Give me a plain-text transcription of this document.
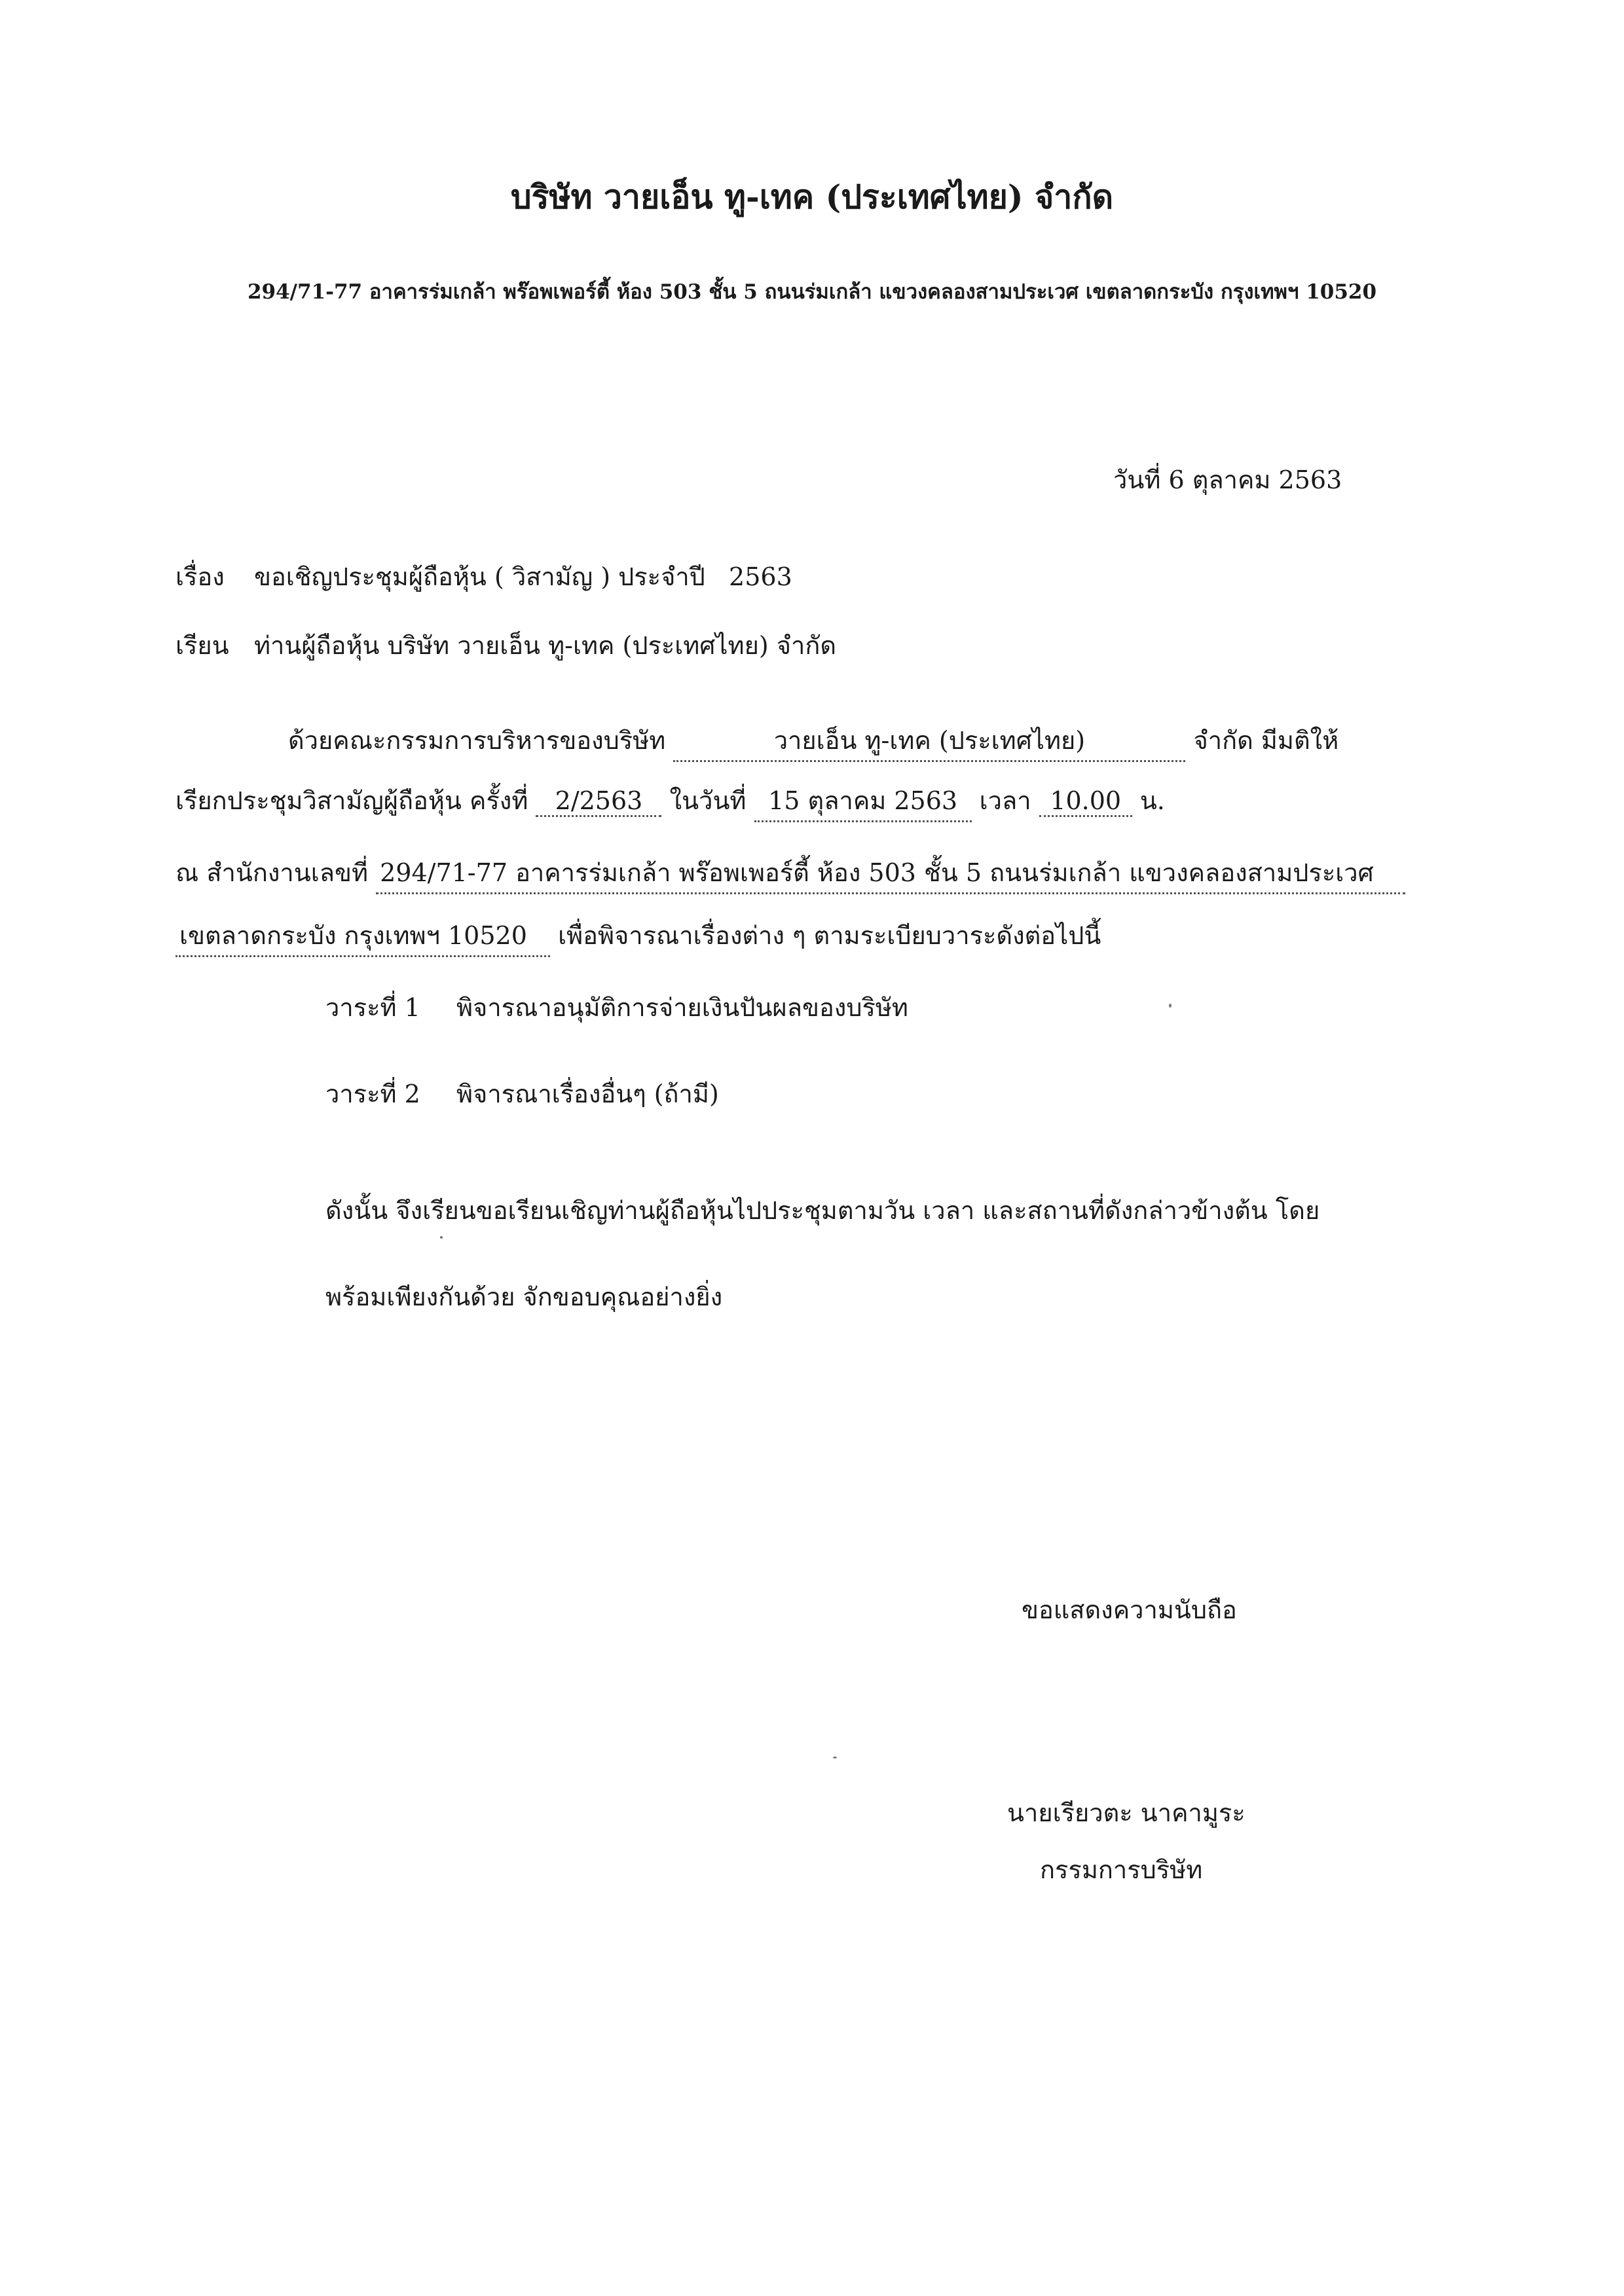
บริษัท วายเอ็น ทู-เทค (ประเทศไทย) จำกัด
294/71-77 อาคารร่มเกล้า พร๊อพเพอร์ตี้ ห้อง 503 ชั้น 5 ถนนร่มเกล้า แขวงคลองสามประเวศ เขตลาดกระบัง กรุงเทพฯ 10520
วันที่ 6 ตุลาคม 2563
เรื่อง ขอเชิญประชุมผู้ถือหุ้น ( วิสามัญ ) ประจำปี 2563
เรียน ท่านผู้ถือหุ้น บริษัท วายเอ็น ทู-เทค (ประเทศไทย) จำกัด
ด้วยคณะกรรมการบริหารของบริษัท	วายเอ็น ทู-เทค (ประเทศไทย)	จำกัด มีมติให้
เรียกประชุมวิสามัญผู้ถือหุ้น ครั้งที่ 2/2563 ในวันที่ 15 ตุลาคม 2563 เวลา 10.00 น.
ณ สำนักงานเลขที่ 294/71-77 อาคารร่มเกล้า พร๊อพเพอร์ตี้ ห้อง 503 ชั้น 5 ถนนร่มเกล้า แขวงคลองสามประเวศ
เขตลาดกระบัง กรุงเทพฯ 10520 เพื่อพิจารณาเรื่องต่าง ๆ ตามระเบียบวาระดังต่อไปนี้
วาระที่ 1 พิจารณาอนุมัติการจ่ายเงินปันผลของบริษัท
วาระที่ 2 พิจารณาเรื่องอื่นๆ (ถ้ามี)
ดังนั้น จึงเรียนขอเรียนเชิญท่านผู้ถือหุ้นไปประชุมตามวัน เวลา และสถานที่ดังกล่าวข้างต้น โดย
พร้อมเพียงกันด้วย จักขอบคุณอย่างยิ่ง
ขอแสดงความนับถือ
นายเรียวตะ นาคามูระ
กรรมการบริษัท
